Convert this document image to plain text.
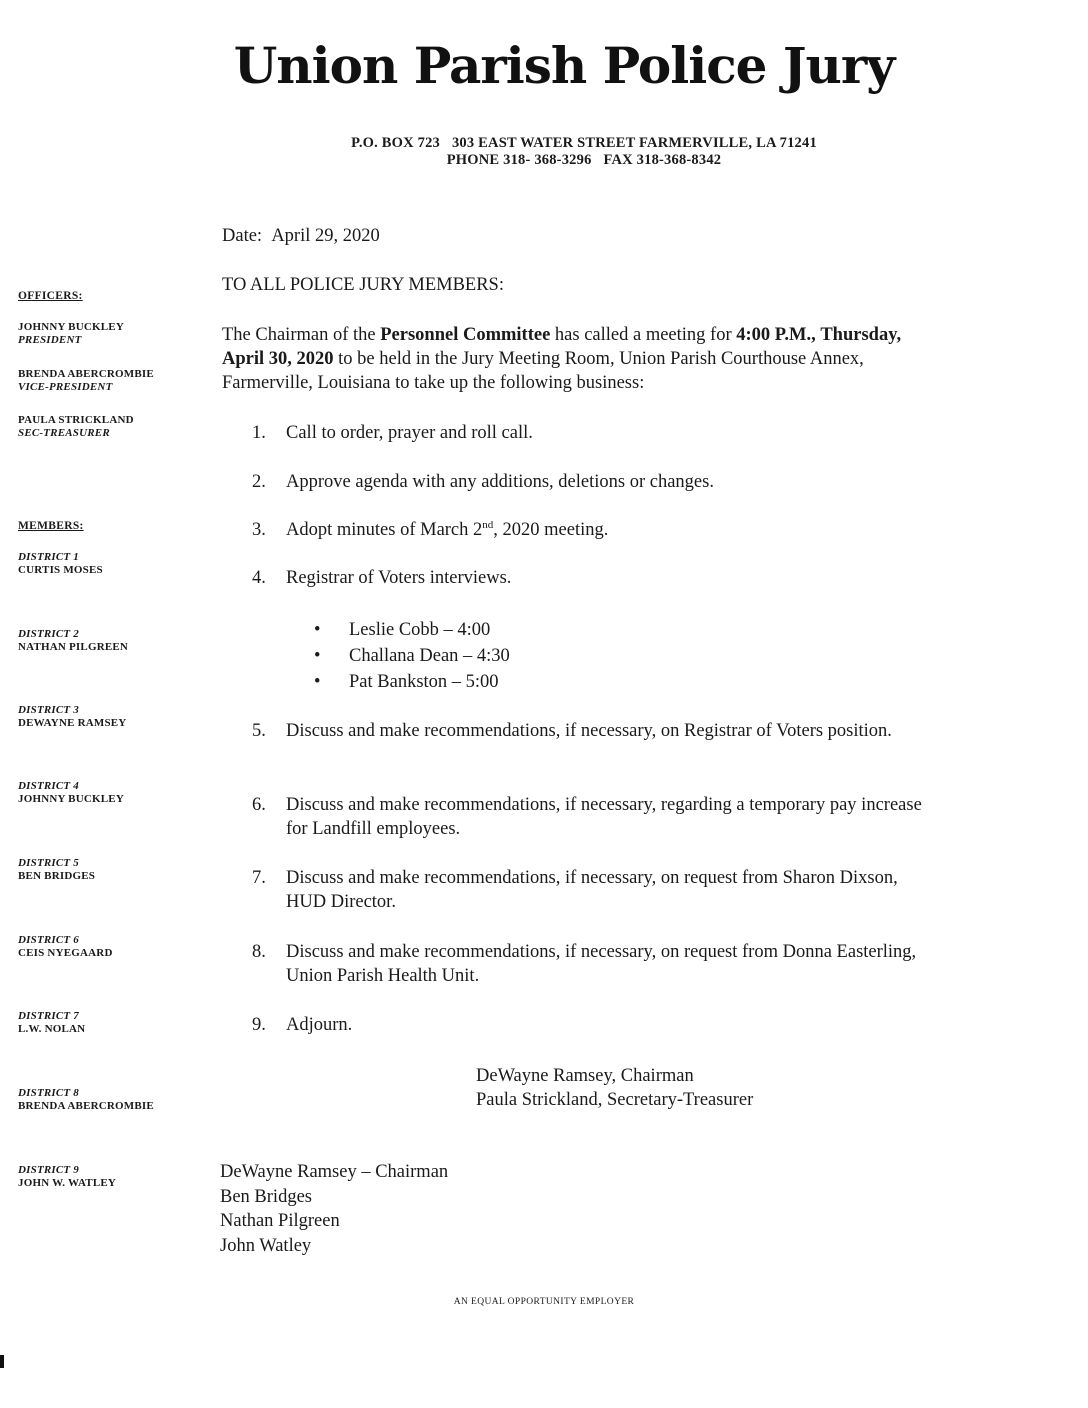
Union Parish Police Jury
P.O. BOX 723 303 EAST WATER STREET FARMERVILLE, LA 71241
PHONE 318- 368-3296 FAX 318-368-8342
OFFICERS:
JOHNNY BUCKLEY
PRESIDENT
BRENDA ABERCROMBIE
VICE-PRESIDENT
PAULA STRICKLAND
SEC-TREASURER
MEMBERS:
DISTRICT 1
CURTIS MOSES
DISTRICT 2
NATHAN PILGREEN
DISTRICT 3
DEWAYNE RAMSEY
DISTRICT 4
JOHNNY BUCKLEY
DISTRICT 5
BEN BRIDGES
DISTRICT 6
CEIS NYEGAARD
DISTRICT 7
L.W. NOLAN
DISTRICT 8
BRENDA ABERCROMBIE
DISTRICT 9
JOHN W. WATLEY
Date: April 29, 2020
TO ALL POLICE JURY MEMBERS:
The Chairman of the Personnel Committee has called a meeting for 4:00 P.M., Thursday, April 30, 2020 to be held in the Jury Meeting Room, Union Parish Courthouse Annex, Farmerville, Louisiana to take up the following business:
1.	Call to order, prayer and roll call.
2.	Approve agenda with any additions, deletions or changes.
3.	Adopt minutes of March 2nd, 2020 meeting.
4.	Registrar of Voters interviews.
• Leslie Cobb – 4:00
• Challana Dean – 4:30
• Pat Bankston – 5:00
5.	Discuss and make recommendations, if necessary, on Registrar of Voters position.
6.	Discuss and make recommendations, if necessary, regarding a temporary pay increase for Landfill employees.
7.	Discuss and make recommendations, if necessary, on request from Sharon Dixson, HUD Director.
8.	Discuss and make recommendations, if necessary, on request from Donna Easterling, Union Parish Health Unit.
9.	Adjourn.
DeWayne Ramsey, Chairman
Paula Strickland, Secretary-Treasurer
DeWayne Ramsey – Chairman
Ben Bridges
Nathan Pilgreen
John Watley
AN EQUAL OPPORTUNITY EMPLOYER
